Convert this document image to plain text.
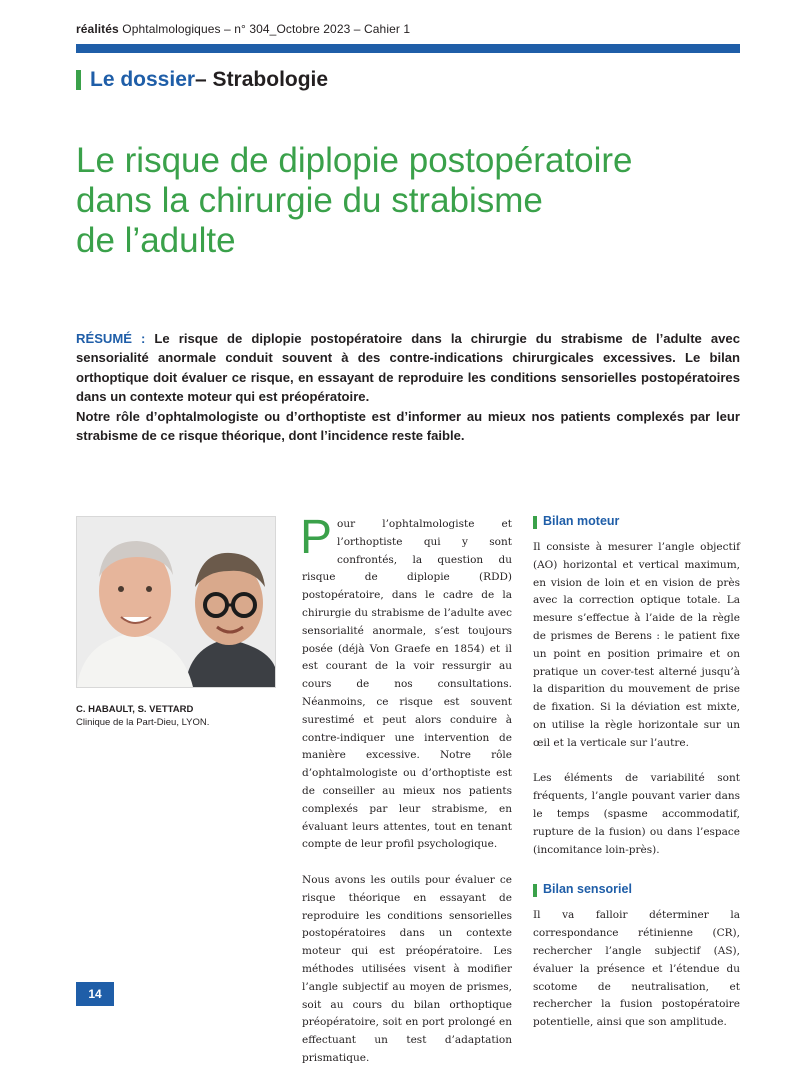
réalités Ophtalmologiques – n° 304_Octobre 2023 – Cahier 1
Le dossier – Strabologie
Le risque de diplopie postopératoire
dans la chirurgie du strabisme
de l’adulte

RÉSUMÉ : Le risque de diplopie postopératoire dans la chirurgie du strabisme de l’adulte avec sensorialité anormale conduit souvent à des contre-indications chirurgicales excessives. Le bilan orthoptique doit évaluer ce risque, en essayant de reproduire les conditions sensorielles postopératoires dans un contexte moteur qui est préopératoire.

Notre rôle d’ophtalmologiste ou d’orthoptiste est d’informer au mieux nos patients complexés par leur strabisme de ce risque théorique, dont l’incidence reste faible.

C. HABAULT, S. VETTARD
Clinique de la Part-Dieu, LYON.

Pour l’ophtalmologiste et l’orthoptiste qui y sont confrontés, la question du risque de diplopie (RDD) postopératoire, dans le cadre de la chirurgie du strabisme de l’adulte avec sensorialité anormale, s’est toujours posée (déjà Von Graefe en 1854) et il est courant de la voir ressurgir au cours de nos consultations. Néanmoins, ce risque est souvent surestimé et peut alors conduire à contre-indiquer une intervention de manière excessive. Notre rôle d’ophtalmologiste ou d’orthoptiste est de conseiller au mieux nos patients complexés par leur strabisme, en évaluant leurs attentes, tout en tenant compte de leur profil psychologique.

Nous avons les outils pour évaluer ce risque théorique en essayant de reproduire les conditions sensorielles postopératoires dans un contexte moteur qui est préopératoire. Les méthodes utilisées visent à modifier l’angle subjectif au moyen de prismes, soit au cours du bilan orthoptique préopératoire, soit en port prolongé en effectuant un test d’adaptation prismatique.

Bilan moteur

Il consiste à mesurer l’angle objectif (AO) horizontal et vertical maximum, en vision de loin et en vision de près avec la correction optique totale. La mesure s’effectue à l’aide de la règle de prismes de Berens : le patient fixe un point en position primaire et on pratique un cover-test alterné jusqu’à la disparition du mouvement de prise de fixation. Si la déviation est mixte, on utilise la règle horizontale sur un œil et la verticale sur l’autre.

Les éléments de variabilité sont fréquents, l’angle pouvant varier dans le temps (spasme accommodatif, rupture de la fusion) ou dans l’espace (incomitance loin-près).

Bilan sensoriel

Il va falloir déterminer la correspondance rétinienne (CR), rechercher l’angle subjectif (AS), évaluer la présence et l’étendue du scotome de neutralisation, et rechercher la fusion postopératoire potentielle, ainsi que son amplitude.

14
